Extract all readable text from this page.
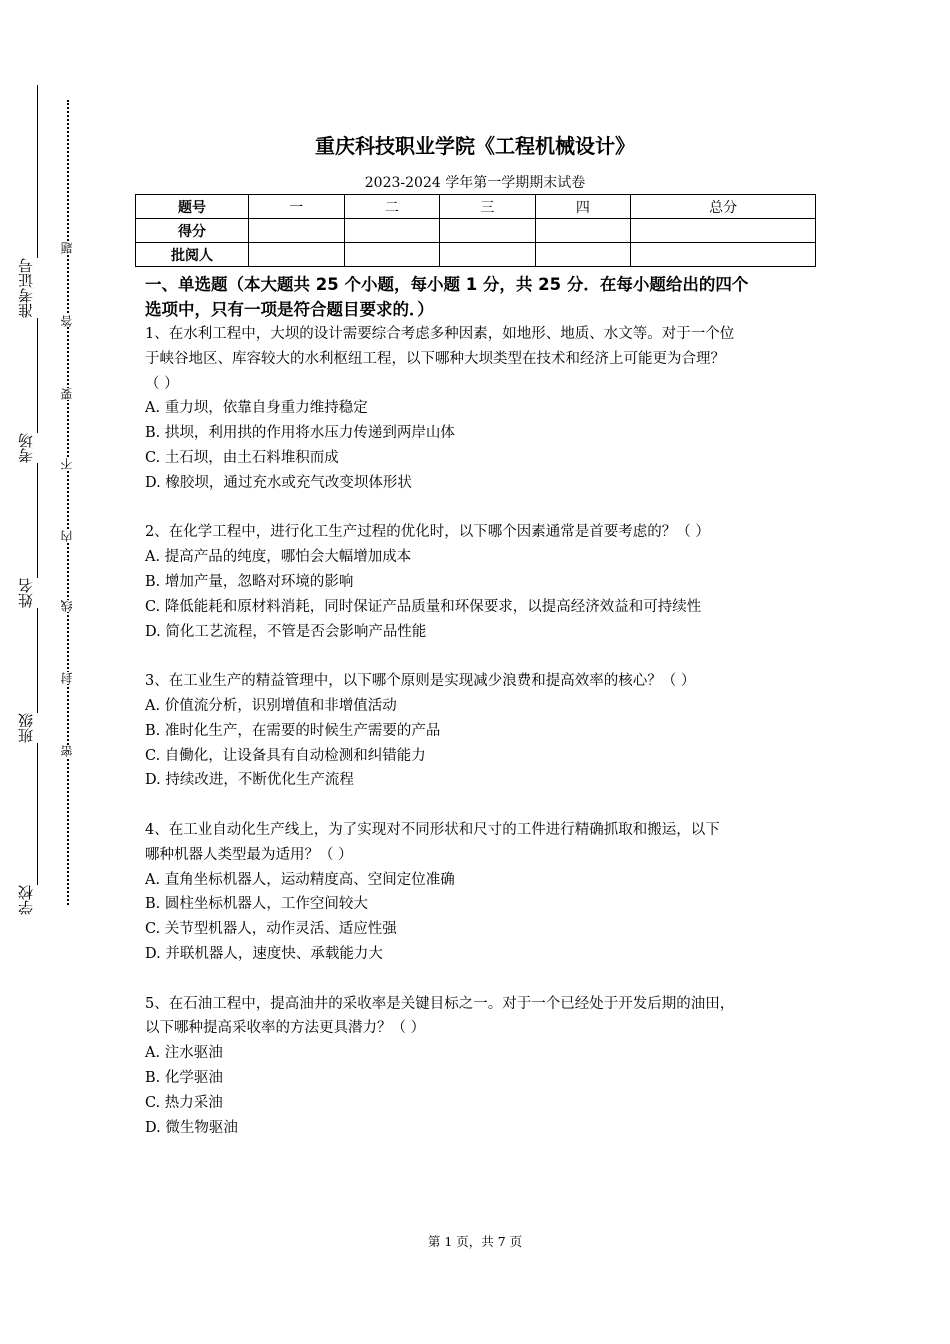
学校
班级
姓名
考场
准考证号
密
封
线
内
不
要
答
题
重庆科技职业学院《工程机械设计》
2023-2024 学年第一学期期末试卷
题号	一	二	三	四	总分
得分					
批阅人					
一、单选题（本大题共 25 个小题，每小题 1 分，共 25 分．在每小题给出的四个
选项中，只有一项是符合题目要求的．）
1、在水利工程中，大坝的设计需要综合考虑多种因素，如地形、地质、水文等。对于一个位
于峡谷地区、库容较大的水利枢纽工程，以下哪种大坝类型在技术和经济上可能更为合理？
（ ）
A. 重力坝，依靠自身重力维持稳定
B. 拱坝，利用拱的作用将水压力传递到两岸山体
C. 土石坝，由土石料堆积而成
D. 橡胶坝，通过充水或充气改变坝体形状
2、在化学工程中，进行化工生产过程的优化时，以下哪个因素通常是首要考虑的？（ ）
A. 提高产品的纯度，哪怕会大幅增加成本
B. 增加产量，忽略对环境的影响
C. 降低能耗和原材料消耗，同时保证产品质量和环保要求，以提高经济效益和可持续性
D. 简化工艺流程，不管是否会影响产品性能
3、在工业生产的精益管理中，以下哪个原则是实现减少浪费和提高效率的核心？（ ）
A. 价值流分析，识别增值和非增值活动
B. 准时化生产，在需要的时候生产需要的产品
C. 自働化，让设备具有自动检测和纠错能力
D. 持续改进，不断优化生产流程
4、在工业自动化生产线上，为了实现对不同形状和尺寸的工件进行精确抓取和搬运，以下
哪种机器人类型最为适用？（ ）
A. 直角坐标机器人，运动精度高、空间定位准确
B. 圆柱坐标机器人，工作空间较大
C. 关节型机器人，动作灵活、适应性强
D. 并联机器人，速度快、承载能力大
5、在石油工程中，提高油井的采收率是关键目标之一。对于一个已经处于开发后期的油田，
以下哪种提高采收率的方法更具潜力？（ ）
A. 注水驱油
B. 化学驱油
C. 热力采油
D. 微生物驱油
第 1 页，共 7 页
